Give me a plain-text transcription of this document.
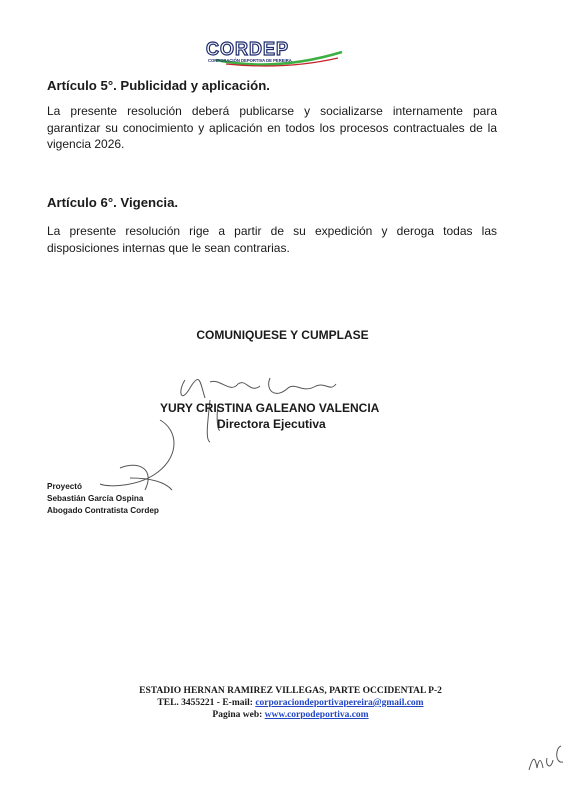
CORDEP
CORPORACIÓN DEPORTIVA DE PEREIRA
Artículo 5°. Publicidad y aplicación.
La presente resolución deberá publicarse y socializarse internamente para garantizar su conocimiento y aplicación en todos los procesos contractuales de la vigencia 2026.
Artículo 6°. Vigencia.
La presente resolución rige a partir de su expedición y deroga todas las disposiciones internas que le sean contrarias.
COMUNIQUESE Y CUMPLASE
YURY CRISTINA GALEANO VALENCIA
Directora Ejecutiva
Proyectó
Sebastián García Ospina
Abogado Contratista Cordep
ESTADIO HERNAN RAMIREZ VILLEGAS, PARTE OCCIDENTAL P-2
TEL. 3455221 - E-mail: corporaciondeportivapereira@gmail.com
Pagina web: www.corpodeportiva.com
